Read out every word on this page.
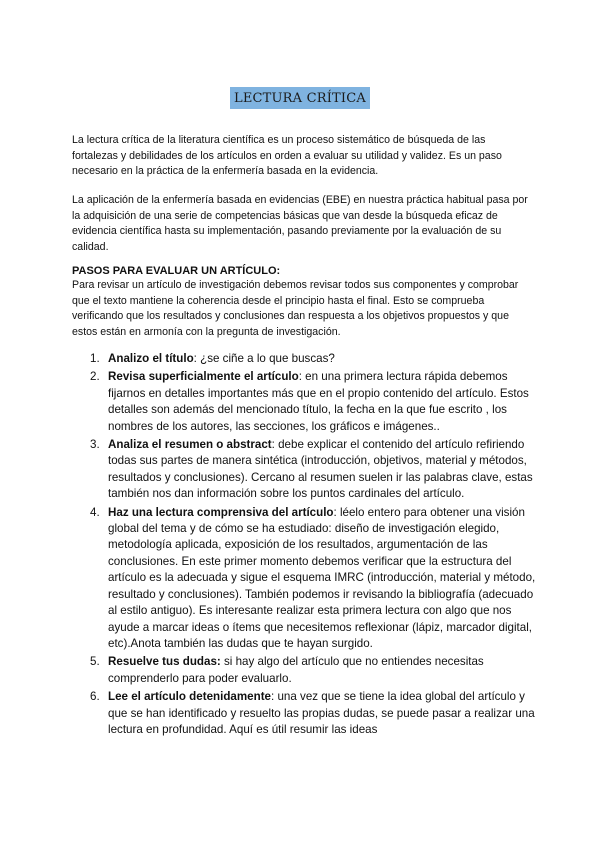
LECTURA CRÍTICA

La lectura crítica de la literatura científica es un proceso sistemático de búsqueda de las fortalezas y debilidades de los artículos en orden a evaluar su utilidad y validez. Es un paso necesario en la práctica de la enfermería basada en la evidencia.

La aplicación de la enfermería basada en evidencias (EBE) en nuestra práctica habitual pasa por la adquisición de una serie de competencias básicas que van desde la búsqueda eficaz de evidencia científica hasta su implementación, pasando previamente por la evaluación de su calidad.

PASOS PARA EVALUAR UN ARTÍCULO:

Para revisar un artículo de investigación debemos revisar todos sus componentes y comprobar que el texto mantiene la coherencia desde el principio hasta el final. Esto se comprueba verificando que los resultados y conclusiones dan respuesta a los objetivos propuestos y que estos están en armonía con la pregunta de investigación.

1. Analizo el título: ¿se ciñe a lo que buscas?
2. Revisa superficialmente el artículo: en una primera lectura rápida debemos fijarnos en detalles importantes más que en el propio contenido del artículo. Estos detalles son además del mencionado título, la fecha en la que fue escrito , los nombres de los autores, las secciones, los gráficos e imágenes..
3. Analiza el resumen o abstract: debe explicar el contenido del artículo refiriendo todas sus partes de manera sintética (introducción, objetivos, material y métodos, resultados y conclusiones). Cercano al resumen suelen ir las palabras clave, estas también nos dan información sobre los puntos cardinales del artículo.
4. Haz una lectura comprensiva del artículo: léelo entero para obtener una visión global del tema y de cómo se ha estudiado: diseño de investigación elegido, metodología aplicada, exposición de los resultados, argumentación de las conclusiones. En este primer momento debemos verificar que la estructura del artículo es la adecuada y sigue el esquema IMRC (introducción, material y método, resultado y conclusiones). También podemos ir revisando la bibliografía (adecuado al estilo antiguo). Es interesante realizar esta primera lectura con algo que nos ayude a marcar ideas o ítems que necesitemos reflexionar (lápiz, marcador digital, etc).Anota también las dudas que te hayan surgido.
5. Resuelve tus dudas: si hay algo del artículo que no entiendes necesitas comprenderlo para poder evaluarlo.
6. Lee el artículo detenidamente: una vez que se tiene la idea global del artículo y que se han identificado y resuelto las propias dudas, se puede pasar a realizar una lectura en profundidad. Aquí es útil resumir las ideas
